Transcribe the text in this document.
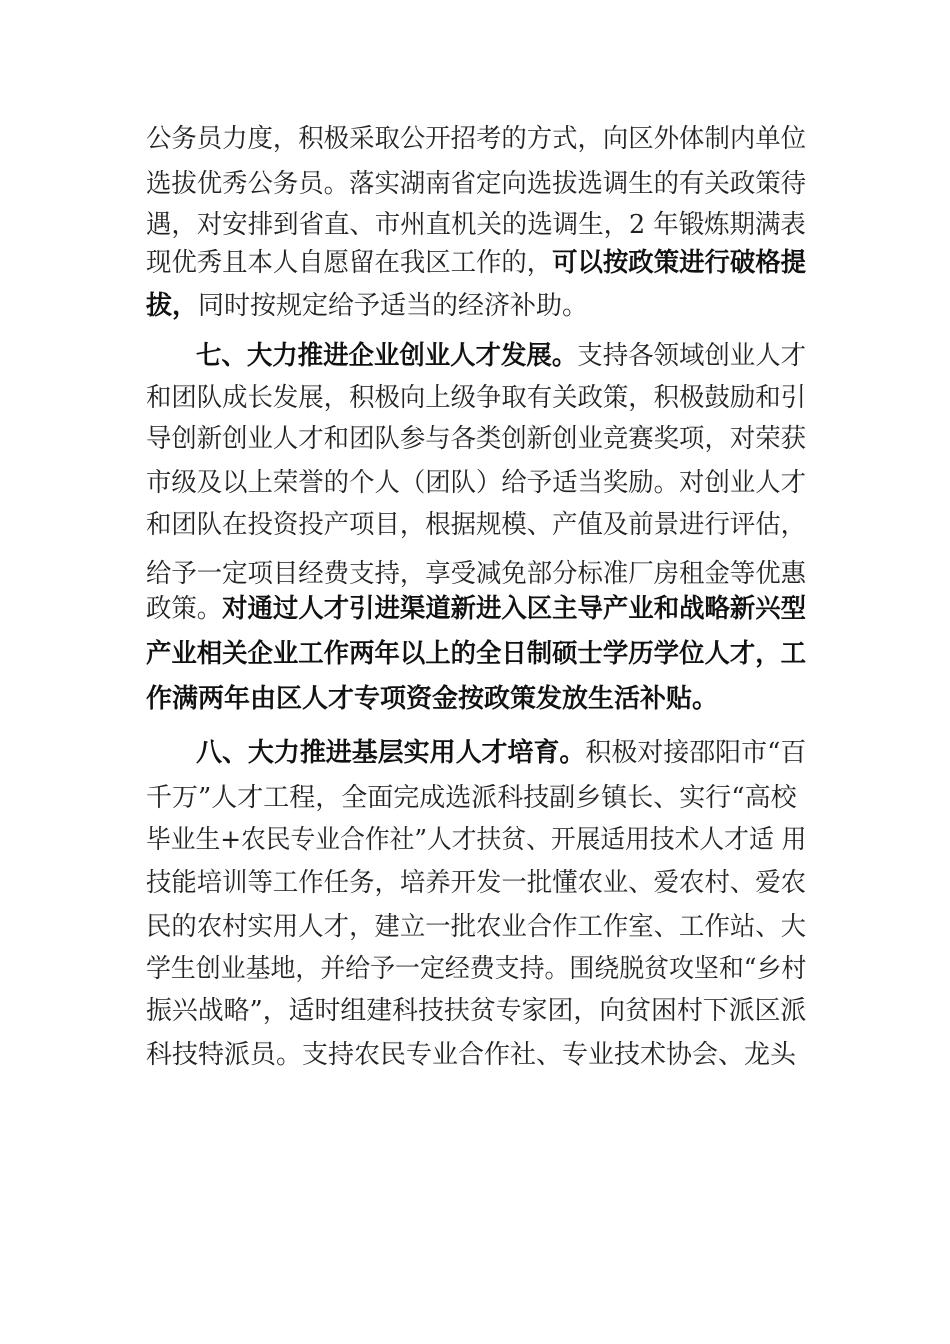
公务员力度，积极采取公开招考的方式，向区外体制内单位
选拔优秀公务员。落实湖南省定向选拔选调生的有关政策待
遇，对安排到省直、市州直机关的选调生，2 年锻炼期满表
现优秀且本人自愿留在我区工作的，可以按政策进行破格提
拔，同时按规定给予适当的经济补助。
七、大力推进企业创业人才发展。支持各领域创业人才
和团队成长发展，积极向上级争取有关政策，积极鼓励和引
导创新创业人才和团队参与各类创新创业竞赛奖项，对荣获
市级及以上荣誉的个人（团队）给予适当奖励。对创业人才
和团队在投资投产项目，根据规模、产值及前景进行评估，
给予一定项目经费支持，享受减免部分标准厂房租金等优惠
政策。对通过人才引进渠道新进入区主导产业和战略新兴型
产业相关企业工作两年以上的全日制硕士学历学位人才，工
作满两年由区人才专项资金按政策发放生活补贴。
八、大力推进基层实用人才培育。积极对接邵阳市“百
千万”人才工程，全面完成选派科技副乡镇长、实行“高校
毕业生+农民专业合作社”人才扶贫、开展适用技术人才适 用
技能培训等工作任务，培养开发一批懂农业、爱农村、爱农
民的农村实用人才，建立一批农业合作工作室、工作站、大
学生创业基地，并给予一定经费支持。围绕脱贫攻坚和“乡村
振兴战略”，适时组建科技扶贫专家团，向贫困村下派区派
科技特派员。支持农民专业合作社、专业技术协会、龙头
